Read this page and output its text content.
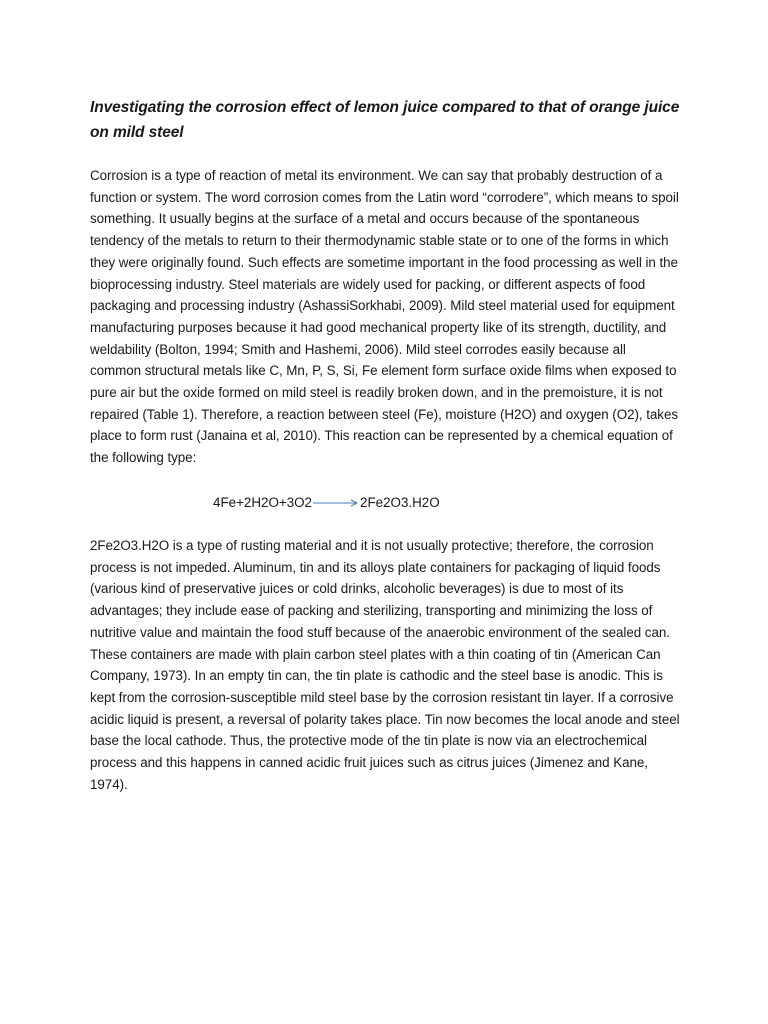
Investigating the corrosion effect of lemon juice compared to that of orange juice on mild steel

Corrosion is a type of reaction of metal its environment. We can say that probably destruction of a function or system. The word corrosion comes from the Latin word “corrodere”, which means to spoil something. It usually begins at the surface of a metal and occurs because of the spontaneous tendency of the metals to return to their thermodynamic stable state or to one of the forms in which they were originally found. Such effects are sometime important in the food processing as well in the bioprocessing industry. Steel materials are widely used for packing, or different aspects of food packaging and processing industry (AshassiSorkhabi, 2009). Mild steel material used for equipment manufacturing purposes because it had good mechanical property like of its strength, ductility, and weldability (Bolton, 1994; Smith and Hashemi, 2006). Mild steel corrodes easily because all common structural metals like C, Mn, P, S, Si, Fe element form surface oxide films when exposed to pure air but the oxide formed on mild steel is readily broken down, and in the premoisture, it is not repaired (Table 1). Therefore, a reaction between steel (Fe), moisture (H2O) and oxygen (O2), takes place to form rust (Janaina et al, 2010). This reaction can be represented by a chemical equation of the following type:

4Fe+2H2O+3O2 → 2Fe2O3.H2O

2Fe2O3.H2O is a type of rusting material and it is not usually protective; therefore, the corrosion process is not impeded. Aluminum, tin and its alloys plate containers for packaging of liquid foods (various kind of preservative juices or cold drinks, alcoholic beverages) is due to most of its advantages; they include ease of packing and sterilizing, transporting and minimizing the loss of nutritive value and maintain the food stuff because of the anaerobic environment of the sealed can. These containers are made with plain carbon steel plates with a thin coating of tin (American Can Company, 1973). In an empty tin can, the tin plate is cathodic and the steel base is anodic. This is kept from the corrosion-susceptible mild steel base by the corrosion resistant tin layer. If a corrosive acidic liquid is present, a reversal of polarity takes place. Tin now becomes the local anode and steel base the local cathode. Thus, the protective mode of the tin plate is now via an electrochemical process and this happens in canned acidic fruit juices such as citrus juices (Jimenez and Kane, 1974).
